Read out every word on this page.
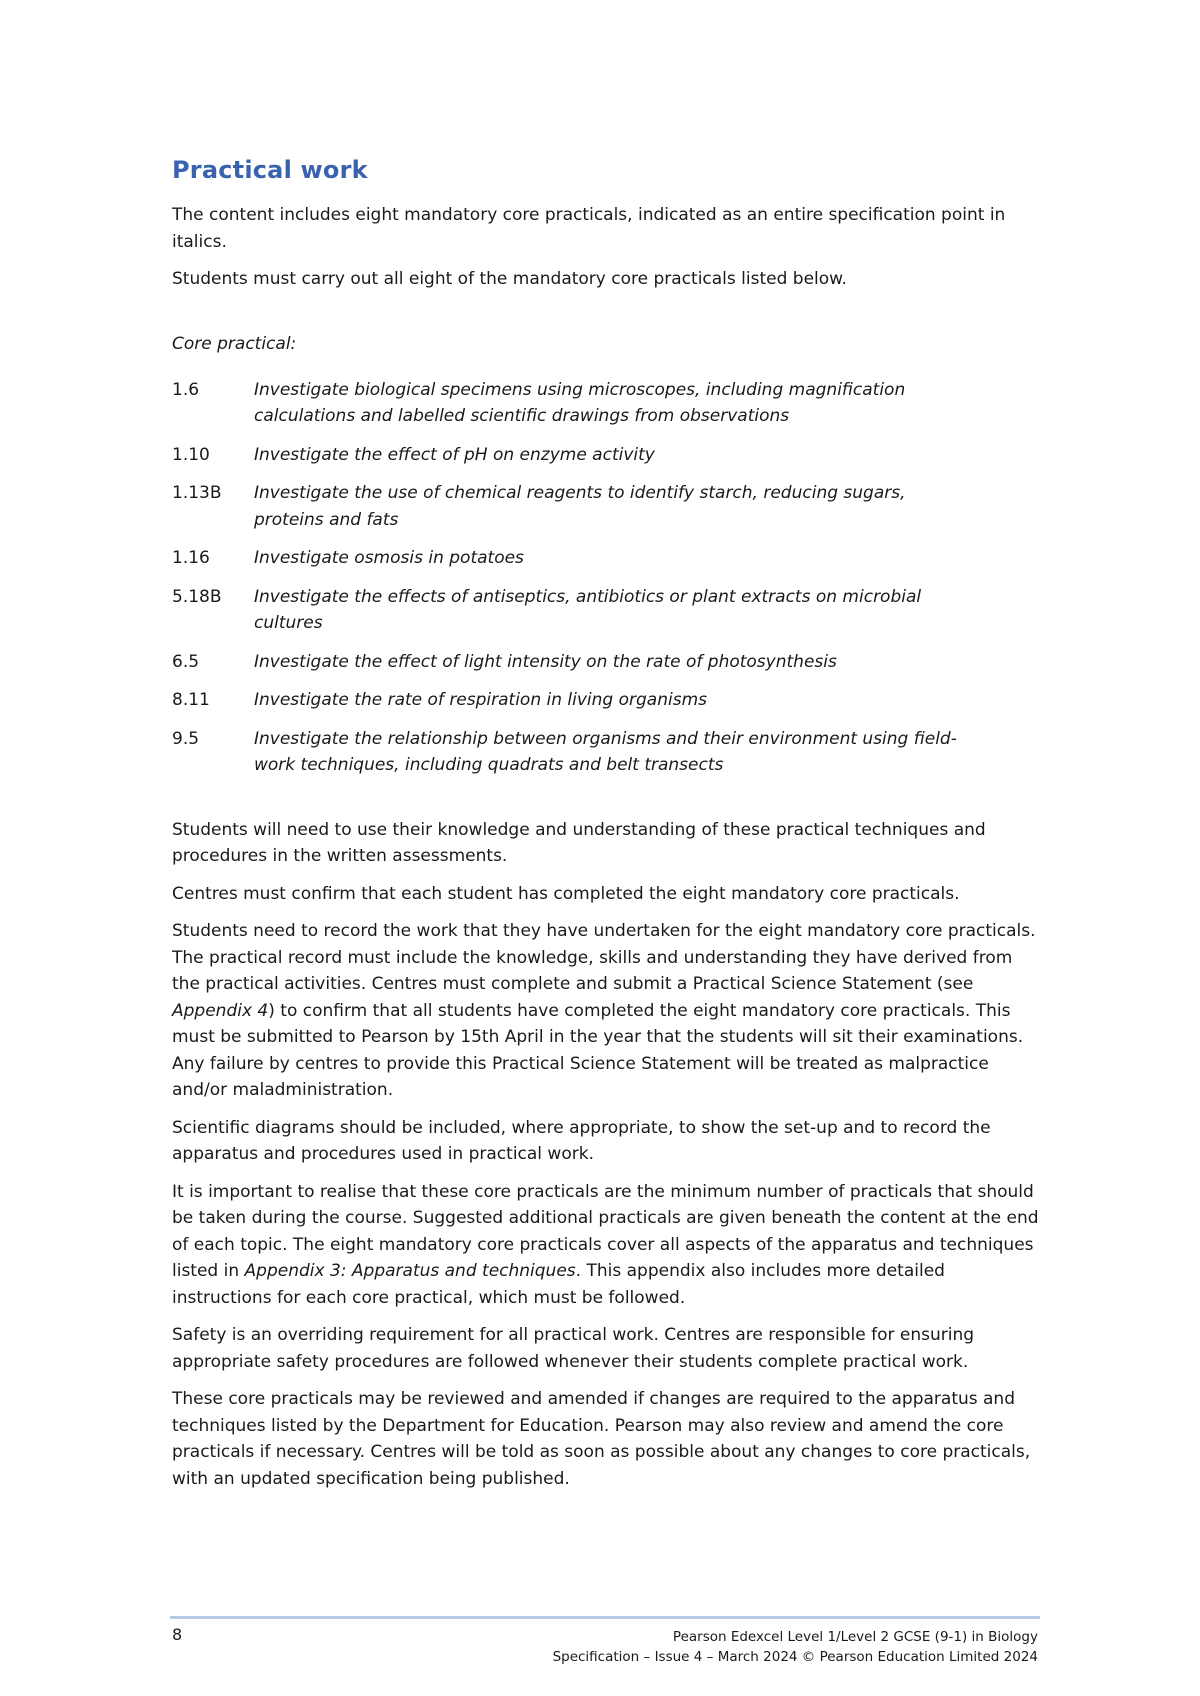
Practical work

The content includes eight mandatory core practicals, indicated as an entire specification point in italics.

Students must carry out all eight of the mandatory core practicals listed below.

Core practical:
1.6	Investigate biological specimens using microscopes, including magnification calculations and labelled scientific drawings from observations
1.10	Investigate the effect of pH on enzyme activity
1.13B	Investigate the use of chemical reagents to identify starch, reducing sugars, proteins and fats
1.16	Investigate osmosis in potatoes
5.18B	Investigate the effects of antiseptics, antibiotics or plant extracts on microbial cultures
6.5	Investigate the effect of light intensity on the rate of photosynthesis
8.11	Investigate the rate of respiration in living organisms
9.5	Investigate the relationship between organisms and their environment using field-work techniques, including quadrats and belt transects

Students will need to use their knowledge and understanding of these practical techniques and procedures in the written assessments.

Centres must confirm that each student has completed the eight mandatory core practicals.

Students need to record the work that they have undertaken for the eight mandatory core practicals. The practical record must include the knowledge, skills and understanding they have derived from the practical activities. Centres must complete and submit a Practical Science Statement (see Appendix 4) to confirm that all students have completed the eight mandatory core practicals. This must be submitted to Pearson by 15th April in the year that the students will sit their examinations. Any failure by centres to provide this Practical Science Statement will be treated as malpractice and/or maladministration.

Scientific diagrams should be included, where appropriate, to show the set-up and to record the apparatus and procedures used in practical work.

It is important to realise that these core practicals are the minimum number of practicals that should be taken during the course. Suggested additional practicals are given beneath the content at the end of each topic. The eight mandatory core practicals cover all aspects of the apparatus and techniques listed in Appendix 3: Apparatus and techniques. This appendix also includes more detailed instructions for each core practical, which must be followed.

Safety is an overriding requirement for all practical work. Centres are responsible for ensuring appropriate safety procedures are followed whenever their students complete practical work.

These core practicals may be reviewed and amended if changes are required to the apparatus and techniques listed by the Department for Education. Pearson may also review and amend the core practicals if necessary. Centres will be told as soon as possible about any changes to core practicals, with an updated specification being published.

8	Pearson Edexcel Level 1/Level 2 GCSE (9-1) in Biology
Specification – Issue 4 – March 2024 © Pearson Education Limited 2024
